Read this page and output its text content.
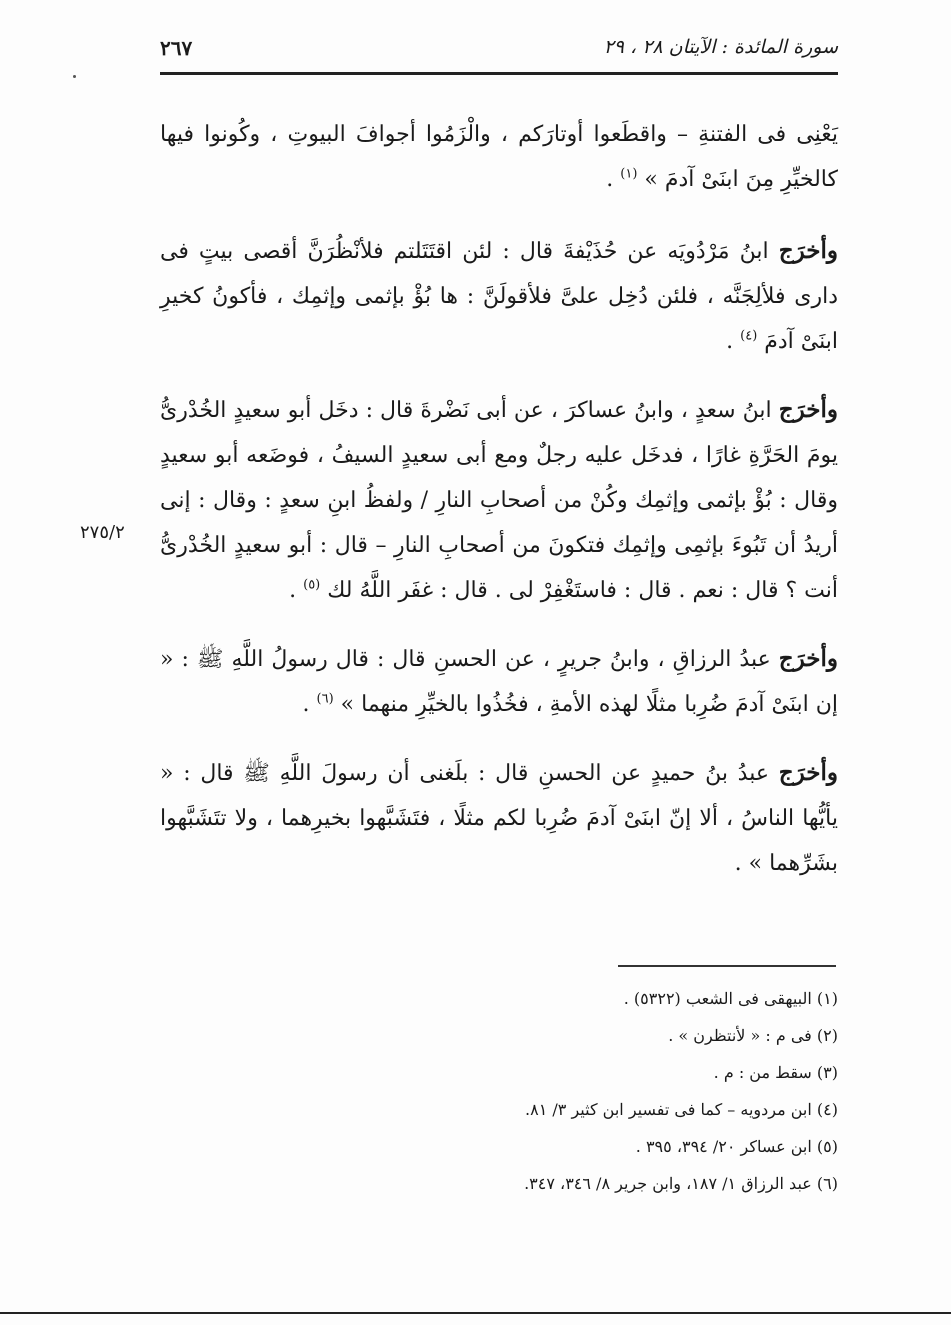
سورة المائدة : الآيتان ٢٨ ، ٢٩
٢٦٧

يَعْنِى فى الفتنةِ – واقطَعوا أوتارَكم ، والْزَمُوا أجوافَ البيوتِ ، وكُونوا فيها كالخيِّرِ مِنَ ابنَىْ آدمَ » $^{(١)}$ .

وأخرَج ابنُ مَرْدُويَه عن حُذَيْفةَ قال : لئن اقتَتَلتم فلأنْظُرَنَّ أقصى بيتٍ فى دارى فلألِجَنَّه ، فلئن دُخِل علىَّ فلأقولَنَّ : ها بُؤْ بإثمى وإثمِك ، فأكونُ كخيرِ ابنَىْ آدمَ $^{(٤)}$ .

وأخرَج ابنُ سعدٍ ، وابنُ عساكرَ ، عن أبى نَضْرةَ قال : دخَل أبو سعيدٍ الخُدْرىُّ يومَ الحَرَّةِ غارًا ، فدخَل عليه رجلٌ ومع أبى سعيدٍ السيفُ ، فوضَعه أبو سعيدٍ وقال : بُؤْ بإثمى وإثمِك وكُنْ من أصحابِ النارِ / ولفظُ ابنِ سعدٍ : وقال : إنى أريدُ أن تَبُوءَ بإثمِى وإثمِك فتكونَ من أصحابِ النارِ – قال : أبو سعيدٍ الخُدْرىُّ أنت ؟ قال : نعم . قال : فاستَغْفِرْ لى . قال : غفَر اللَّهُ لك $^{(٥)}$ .

وأخرَج عبدُ الرزاقِ ، وابنُ جريرٍ ، عن الحسنِ قال : قال رسولُ اللَّهِ ﷺ : « إن ابنَىْ آدمَ ضُرِبا مثلًا لهذه الأمةِ ، فخُذُوا بالخيِّرِ منهما » $^{(٦)}$ .

وأخرَج عبدُ بنُ حميدٍ عن الحسنِ قال : بلَغنى أن رسولَ اللَّهِ ﷺ قال : « يأيُّها الناسُ ، ألا إنّ ابنَىْ آدمَ ضُرِبا لكم مثلًا ، فتَشَبَّهوا بخيرِهما ، ولا تتَشَبَّهوا بشَرِّهما » .

٢٧٥/٢
(١) البيهقى فى الشعب (٥٣٢٢) .
(٢) فى م : « لأنتظرن » .
(٣) سقط من : م .
(٤) ابن مردويه – كما فى تفسير ابن كثير ٣/ ٨١.
(٥) ابن عساكر ٢٠/ ٣٩٤، ٣٩٥ .
(٦) عبد الرزاق ١/ ١٨٧، وابن جرير ٨/ ٣٤٦، ٣٤٧.
